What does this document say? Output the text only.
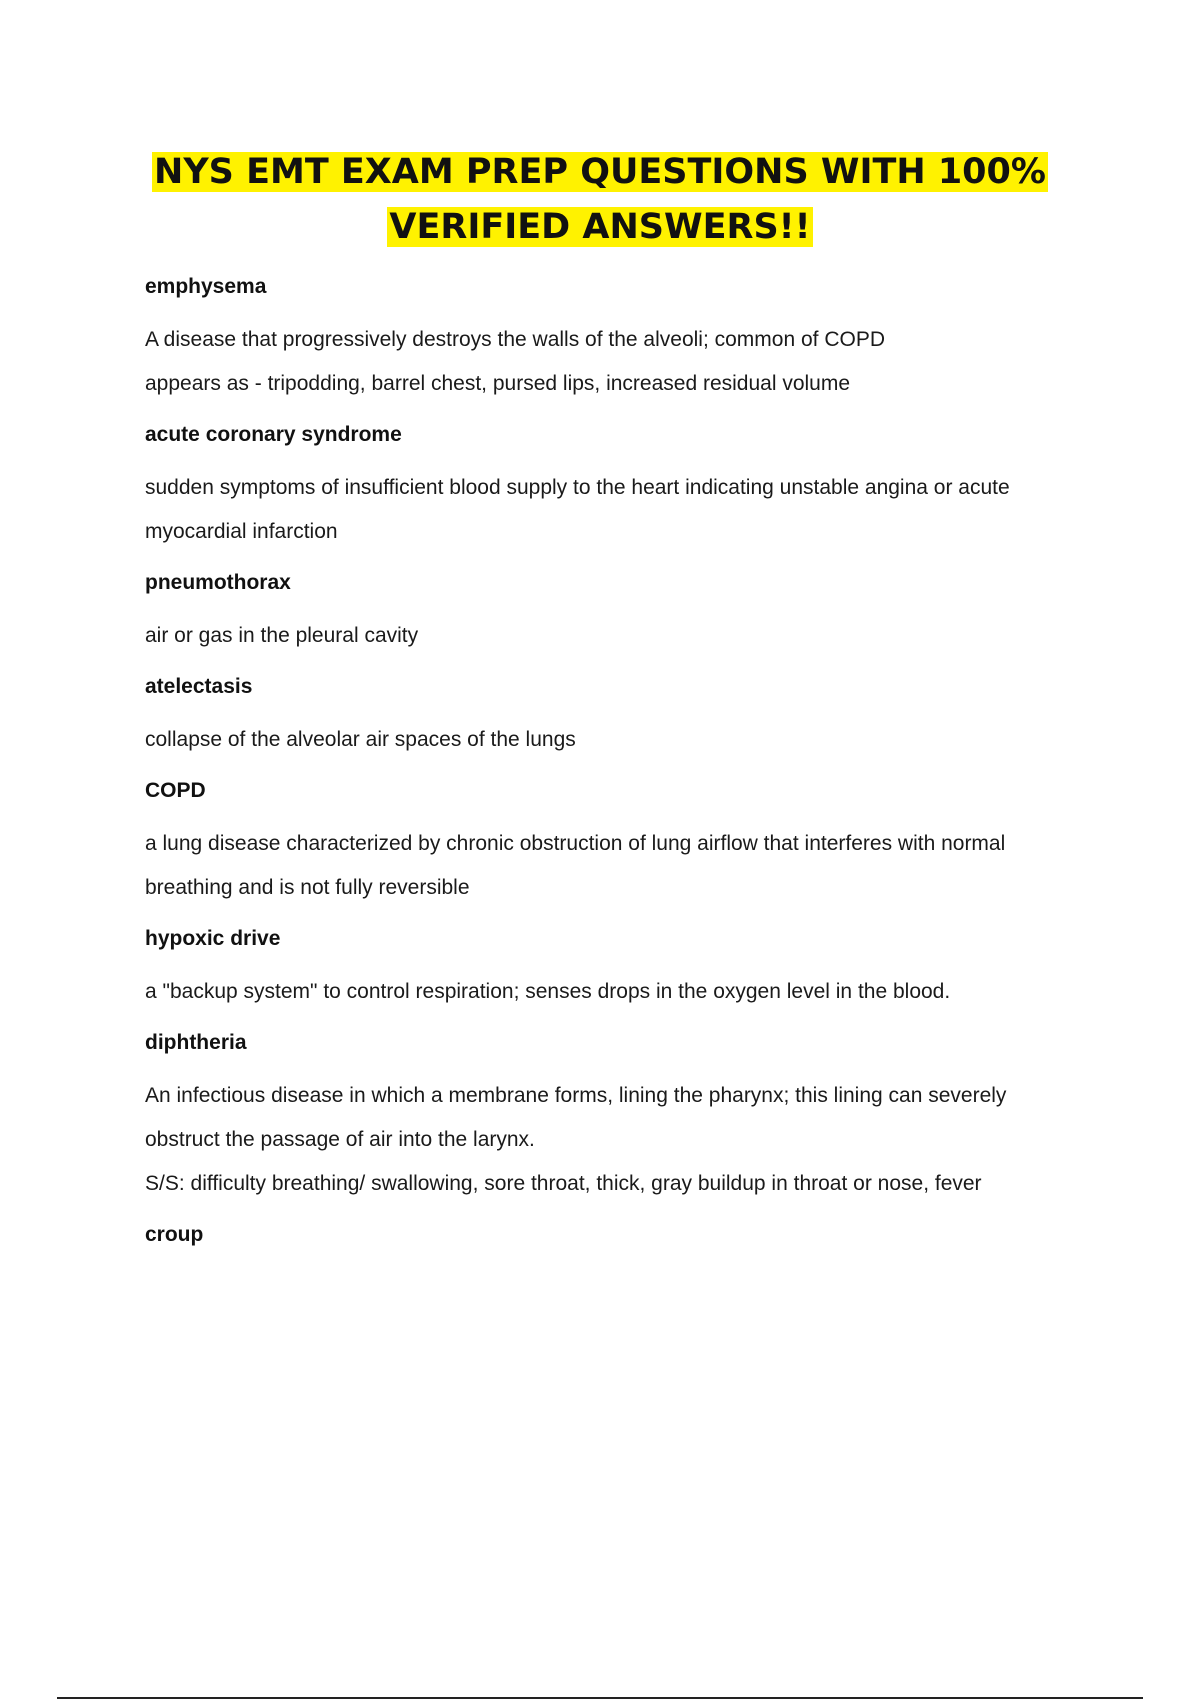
NYS EMT EXAM PREP QUESTIONS WITH 100%
VERIFIED ANSWERS!!
emphysema
A disease that progressively destroys the walls of the alveoli; common of COPD
appears as - tripodding, barrel chest, pursed lips, increased residual volume
acute coronary syndrome
sudden symptoms of insufficient blood supply to the heart indicating unstable angina or acute
myocardial infarction
pneumothorax
air or gas in the pleural cavity
atelectasis
collapse of the alveolar air spaces of the lungs
COPD
a lung disease characterized by chronic obstruction of lung airflow that interferes with normal
breathing and is not fully reversible
hypoxic drive
a "backup system" to control respiration; senses drops in the oxygen level in the blood.
diphtheria
An infectious disease in which a membrane forms, lining the pharynx; this lining can severely
obstruct the passage of air into the larynx.
S/S: difficulty breathing/ swallowing, sore throat, thick, gray buildup in throat or nose, fever
croup
